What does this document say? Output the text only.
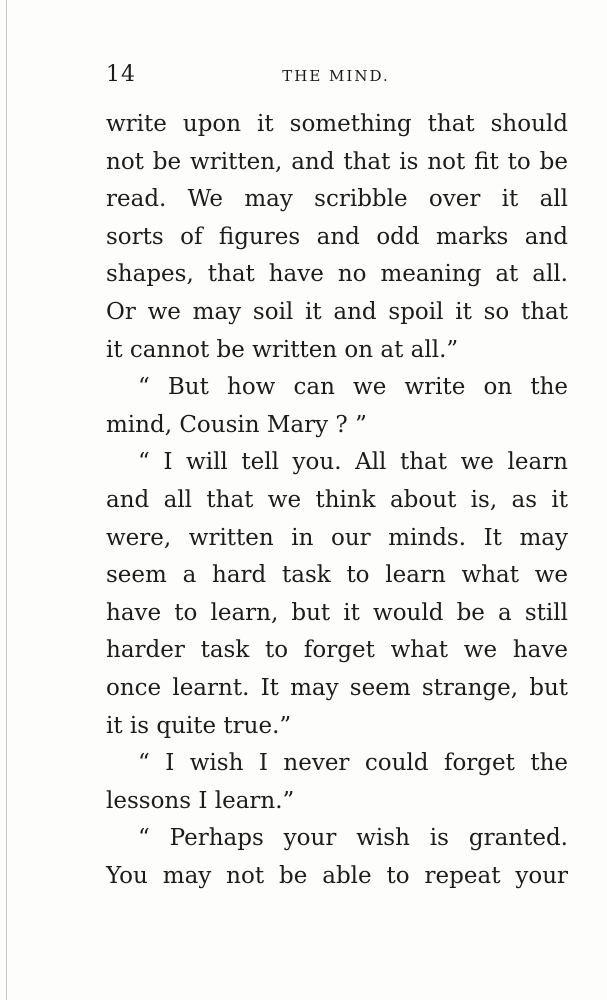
14	THE MIND.
write upon it something that should
not be written, and that is not fit to be
read. We may scribble over it all
sorts of figures and odd marks and
shapes, that have no meaning at all.
Or we may soil it and spoil it so that
it cannot be written on at all.”
“ But how can we write on the
mind, Cousin Mary ? ”
“ I will tell you. All that we learn
and all that we think about is, as it
were, written in our minds. It may
seem a hard task to learn what we
have to learn, but it would be a still
harder task to forget what we have
once learnt. It may seem strange, but
it is quite true.”
“ I wish I never could forget the
lessons I learn.”
“ Perhaps your wish is granted.
You may not be able to repeat your
